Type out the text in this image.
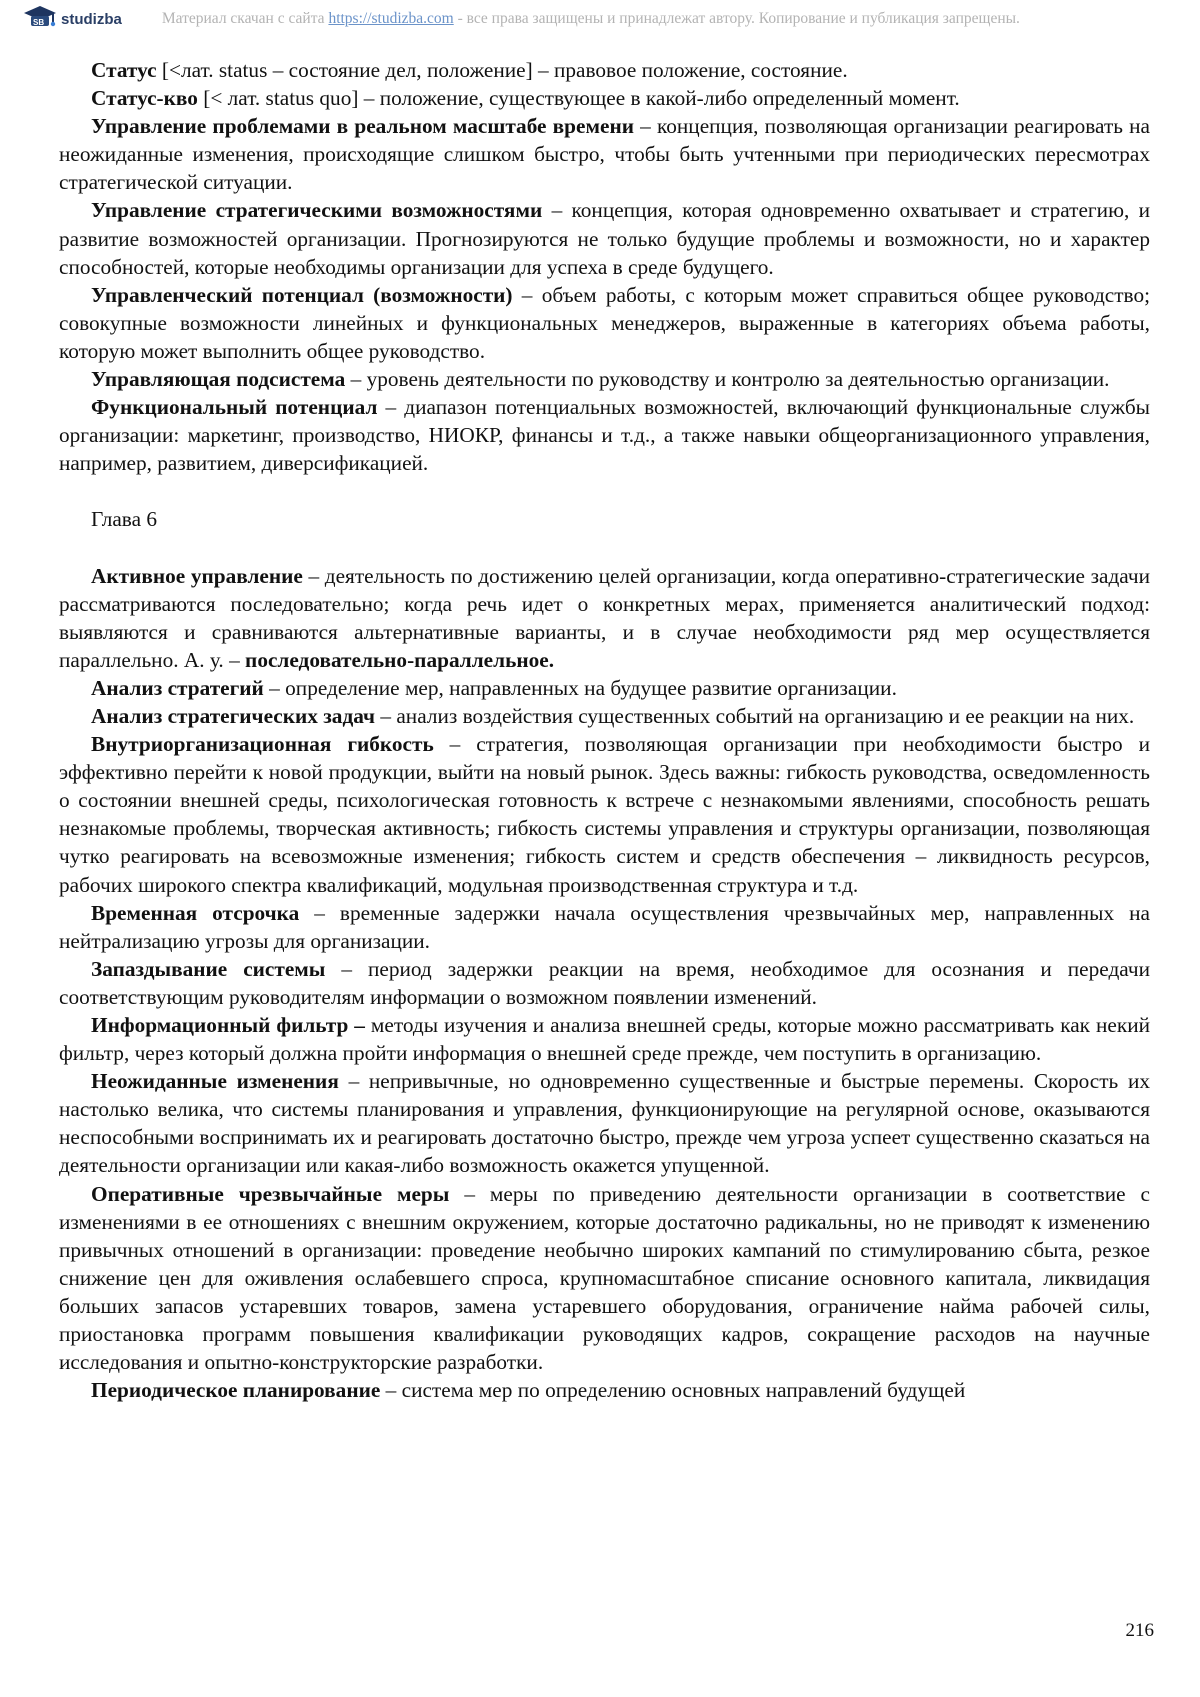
SB studizba	Материал скачан с сайта https://studizba.com - все права защищены и принадлежат автору. Копирование и публикация запрещены.

Статус [<лат. status – состояние дел, положение] – правовое положение, состояние.

Статус-кво [< лат. status quo] – положение, существующее в какой-либо определенный момент.

Управление проблемами в реальном масштабе времени – концепция, позволяющая организации реагировать на неожиданные изменения, происходящие слишком быстро, чтобы быть учтенными при периодических пересмотрах стратегической ситуации.

Управление стратегическими возможностями – концепция, которая одновременно охватывает и стратегию, и развитие возможностей организации. Прогнозируются не только будущие проблемы и возможности, но и характер способностей, которые необходимы организации для успеха в среде будущего.

Управленческий потенциал (возможности) – объем работы, с которым может справиться общее руководство; совокупные возможности линейных и функциональных менеджеров, выраженные в категориях объема работы, которую может выполнить общее руководство.

Управляющая подсистема – уровень деятельности по руководству и контролю за деятельностью организации.

Функциональный потенциал – диапазон потенциальных возможностей, включающий функциональные службы организации: маркетинг, производство, НИОКР, финансы и т.д., а также навыки общеорганизационного управления, например, развитием, диверсификацией.

Глава 6

Активное управление – деятельность по достижению целей организации, когда оперативно-стратегические задачи рассматриваются последовательно; когда речь идет о конкретных мерах, применяется аналитический подход: выявляются и сравниваются альтернативные варианты, и в случае необходимости ряд мер осуществляется параллельно. А. у. – последовательно-параллельное.

Анализ стратегий – определение мер, направленных на будущее развитие организации.

Анализ стратегических задач – анализ воздействия существенных событий на организацию и ее реакции на них.

Внутриорганизационная гибкость – стратегия, позволяющая организации при необходимости быстро и эффективно перейти к новой продукции, выйти на новый рынок. Здесь важны: гибкость руководства, осведомленность о состоянии внешней среды, психологическая готовность к встрече с незнакомыми явлениями, способность решать незнакомые проблемы, творческая активность; гибкость системы управления и структуры организации, позволяющая чутко реагировать на всевозможные изменения; гибкость систем и средств обеспечения – ликвидность ресурсов, рабочих широкого спектра квалификаций, модульная производственная структура и т.д.

Временная отсрочка – временные задержки начала осуществления чрезвычайных мер, направленных на нейтрализацию угрозы для организации.

Запаздывание системы – период задержки реакции на время, необходимое для осознания и передачи соответствующим руководителям информации о возможном появлении изменений.

Информационный фильтр – методы изучения и анализа внешней среды, которые можно рассматривать как некий фильтр, через который должна пройти информация о внешней среде прежде, чем поступить в организацию.

Неожиданные изменения – непривычные, но одновременно существенные и быстрые перемены. Скорость их настолько велика, что системы планирования и управления, функционирующие на регулярной основе, оказываются неспособными воспринимать их и реагировать достаточно быстро, прежде чем угроза успеет существенно сказаться на деятельности организации или какая-либо возможность окажется упущенной.

Оперативные чрезвычайные меры – меры по приведению деятельности организации в соответствие с изменениями в ее отношениях с внешним окружением, которые достаточно радикальны, но не приводят к изменению привычных отношений в организации: проведение необычно широких кампаний по стимулированию сбыта, резкое снижение цен для оживления ослабевшего спроса, крупномасштабное списание основного капитала, ликвидация больших запасов устаревших товаров, замена устаревшего оборудования, ограничение найма рабочей силы, приостановка программ повышения квалификации руководящих кадров, сокращение расходов на научные исследования и опытно-конструкторские разработки.

Периодическое планирование – система мер по определению основных направлений будущей

216
